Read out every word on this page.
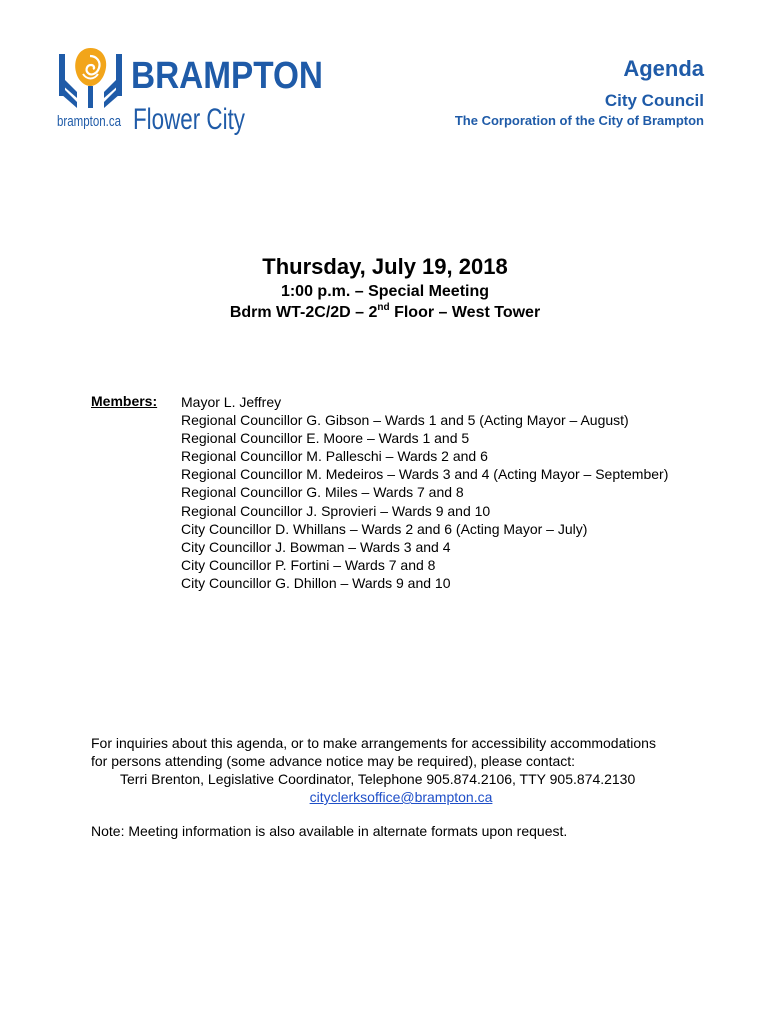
BRAMPTON
Flower City
brampton.ca
Agenda
City Council
The Corporation of the City of Brampton
Thursday, July 19, 2018
1:00 p.m. – Special Meeting
Bdrm WT-2C/2D – 2nd Floor – West Tower
Members: Mayor L. Jeffrey
Regional Councillor G. Gibson – Wards 1 and 5 (Acting Mayor – August)
Regional Councillor E. Moore – Wards 1 and 5
Regional Councillor M. Palleschi – Wards 2 and 6
Regional Councillor M. Medeiros – Wards 3 and 4 (Acting Mayor – September)
Regional Councillor G. Miles – Wards 7 and 8
Regional Councillor J. Sprovieri – Wards 9 and 10
City Councillor D. Whillans – Wards 2 and 6 (Acting Mayor – July)
City Councillor J. Bowman – Wards 3 and 4
City Councillor P. Fortini – Wards 7 and 8
City Councillor G. Dhillon – Wards 9 and 10
For inquiries about this agenda, or to make arrangements for accessibility accommodations
for persons attending (some advance notice may be required), please contact:
Terri Brenton, Legislative Coordinator, Telephone 905.874.2106, TTY 905.874.2130
cityclerksoffice@brampton.ca
Note: Meeting information is also available in alternate formats upon request.
